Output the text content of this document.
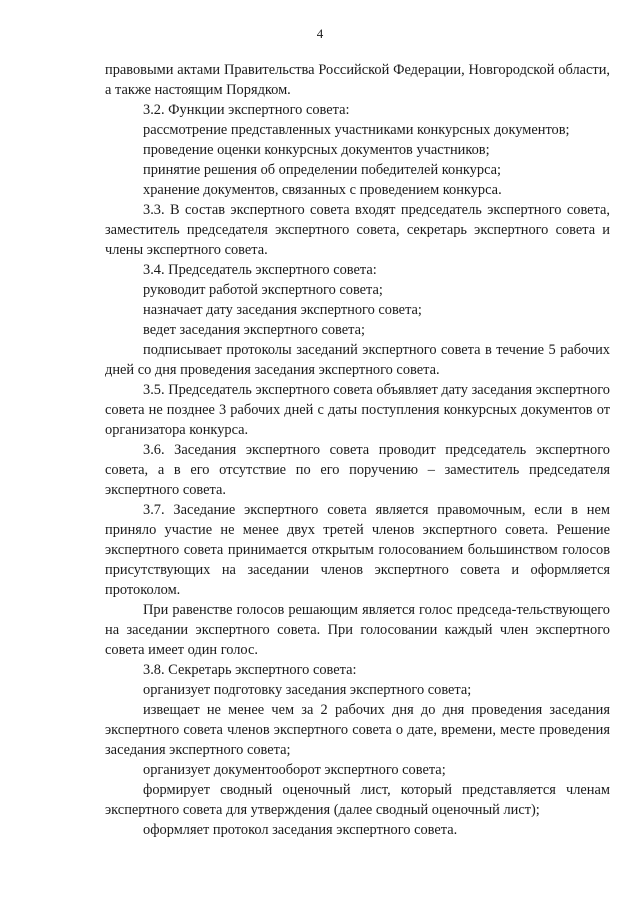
4

правовыми актами Правительства Российской Федерации, Новгородской области, а также настоящим Порядком.

3.2. Функции экспертного совета:

рассмотрение представленных участниками конкурсных документов;

проведение оценки конкурсных документов участников;

принятие решения об определении победителей конкурса;

хранение документов, связанных с проведением конкурса.

3.3. В состав экспертного совета входят председатель экспертного совета, заместитель председателя экспертного совета, секретарь экспертного совета и члены экспертного совета.

3.4. Председатель экспертного совета:

руководит работой экспертного совета;

назначает дату заседания экспертного совета;

ведет заседания экспертного совета;

подписывает протоколы заседаний экспертного совета в течение 5 рабочих дней со дня проведения заседания экспертного совета.

3.5. Председатель экспертного совета объявляет дату заседания экспертного совета не позднее 3 рабочих дней с даты поступления конкурсных документов от организатора конкурса.

3.6. Заседания экспертного совета проводит председатель экспертного совета, а в его отсутствие по его поручению – заместитель председателя экспертного совета.

3.7. Заседание экспертного совета является правомочным, если в нем приняло участие не менее двух третей членов экспертного совета. Решение экспертного совета принимается открытым голосованием большинством голосов присутствующих на заседании членов экспертного совета и оформляется протоколом.

При равенстве голосов решающим является голос председа-тельствующего на заседании экспертного совета. При голосовании каждый член экспертного совета имеет один голос.

3.8. Секретарь экспертного совета:

организует подготовку заседания экспертного совета;

извещает не менее чем за 2 рабочих дня до дня проведения заседания экспертного совета членов экспертного совета о дате, времени, месте проведения заседания экспертного совета;

организует документооборот экспертного совета;

формирует сводный оценочный лист, который представляется членам экспертного совета для утверждения (далее сводный оценочный лист);

оформляет протокол заседания экспертного совета.
